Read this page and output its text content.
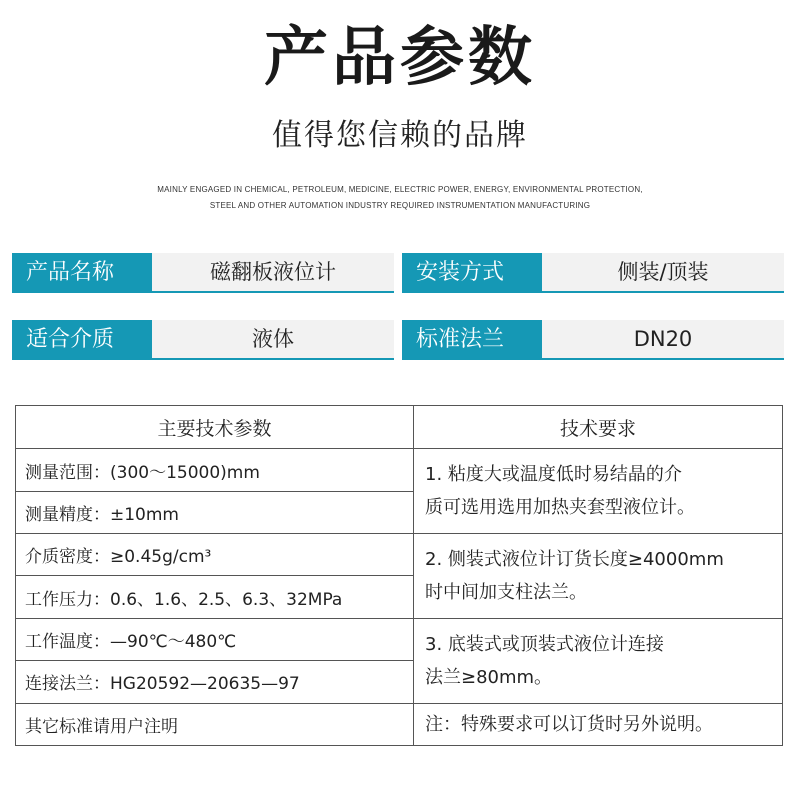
产品参数
值得您信赖的品牌
MAINLY ENGAGED IN CHEMICAL, PETROLEUM, MEDICINE, ELECTRIC POWER, ENERGY, ENVIRONMENTAL PROTECTION,
STEEL AND OTHER AUTOMATION INDUSTRY REQUIRED INSTRUMENTATION MANUFACTURING
产品名称	磁翻板液位计	安装方式	侧装/顶装
适合介质	液体	标准法兰	DN20
主要技术参数	技术要求
测量范围：(300～15000)mm	1. 粘度大或温度低时易结晶的介
质可选用选用加热夹套型液位计。

测量精度：±10mm	
介质密度：≥0.45g/cm³	2. 侧装式液位计订货长度≥4000mm
时中间加支柱法兰。

工作压力：0.6、1.6、2.5、6.3、32MPa	
工作温度：—90℃～480℃	3. 底装式或顶装式液位计连接
法兰≥80mm。

连接法兰：HG20592—20635—97	
其它标准请用户注明	注：特殊要求可以订货时另外说明。
